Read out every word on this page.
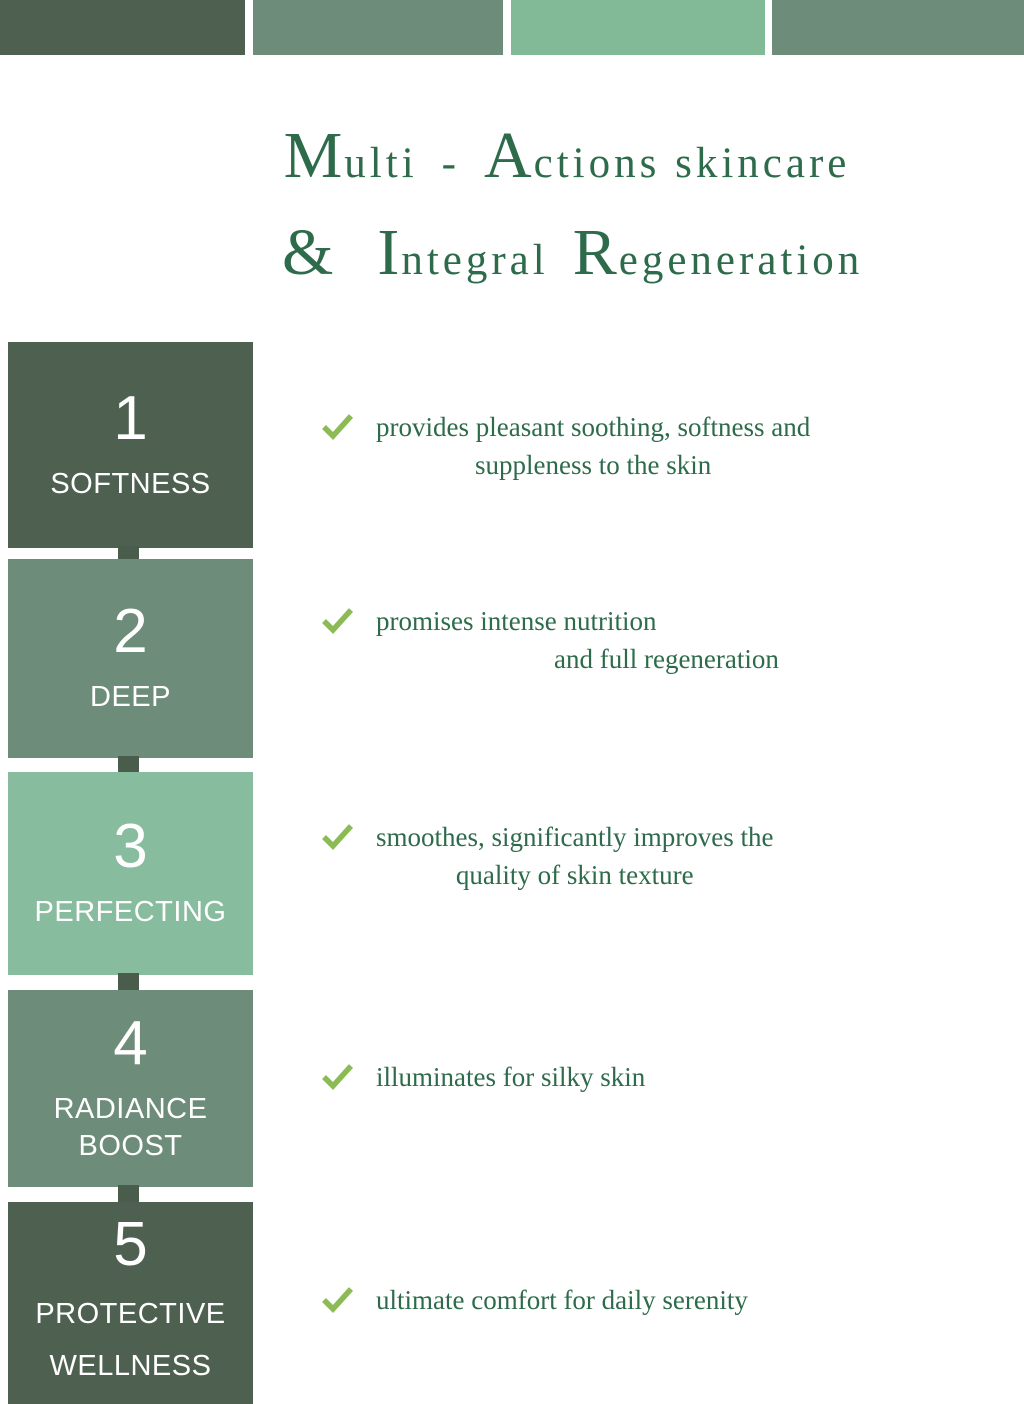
Multi - Actions skincare
& Integral Regeneration
1
SOFTNESS
2
DEEP
3
PERFECTING
4
RADIANCE
BOOST
5
PROTECTIVE
WELLNESS
provides pleasant soothing, softness and
suppleness to the skin
promises intense nutrition
and full regeneration
smoothes, significantly improves the
quality of skin texture
illuminates for silky skin
ultimate comfort for daily serenity
